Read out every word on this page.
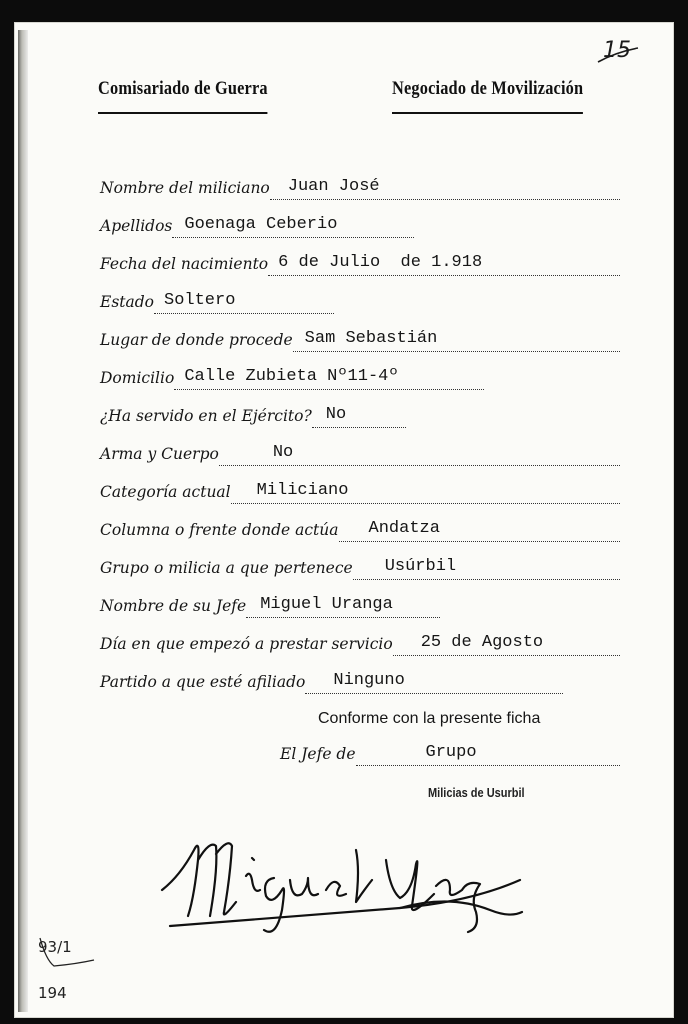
15
Comisariado de Guerra	Negociado de Movilización
Nombre del miliciano	Juan José
Apellidos Goenaga Ceberio
Fecha del nacimiento 6 de Julio  de 1.918
Estado Soltero
Lugar de donde procede Sam Sebastián
Domicilio Calle Zubieta Nº11-4º
¿Ha servido en el Ejército? No
Arma y Cuerpo	No
Categoría actual	Miliciano
Columna o frente donde actúa	Andatza
Grupo o milicia a que pertenece	Usúrbil
Nombre de su Jefe Miguel Uranga
Día en que empezó a prestar servicio	25 de Agosto
Partido a que esté afiliado	Ninguno
Conforme con la presente ficha
El Jefe de	Grupo
Milicias de Usurbil
93/1
194
